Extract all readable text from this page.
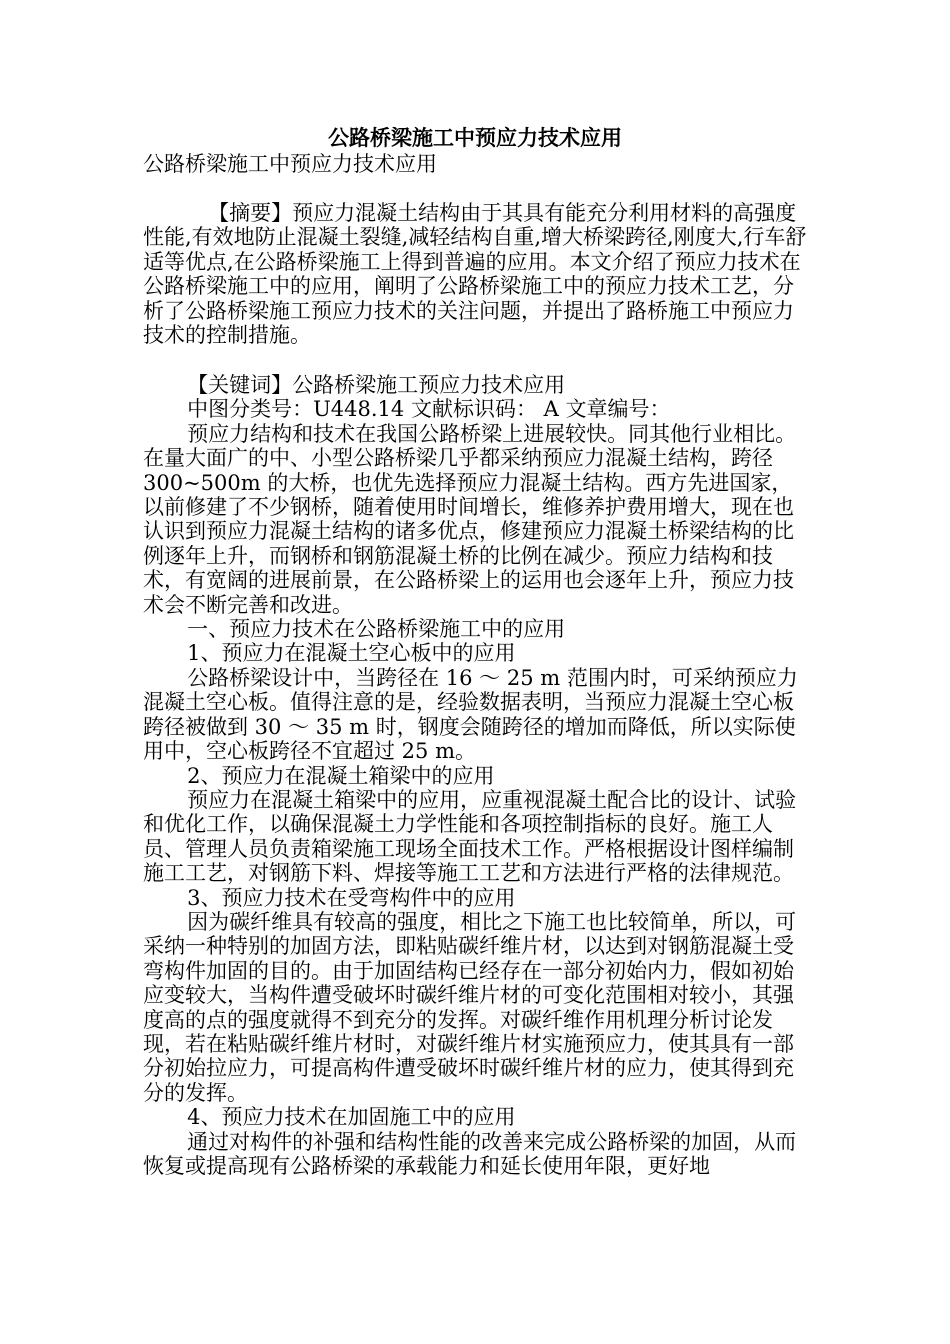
公路桥梁施工中预应力技术应用
公路桥梁施工中预应力技术应用

【摘要】预应力混凝土结构由于其具有能充分利用材料的高强度性能,有效地防止混凝土裂缝,减轻结构自重,增大桥梁跨径,刚度大,行车舒适等优点,在公路桥梁施工上得到普遍的应用。本文介绍了预应力技术在公路桥梁施工中的应用，阐明了公路桥梁施工中的预应力技术工艺，分析了公路桥梁施工预应力技术的关注问题，并提出了路桥施工中预应力技术的控制措施。

【关键词】公路桥梁施工预应力技术应用

中图分类号：U448.14 文献标识码： A 文章编号：

预应力结构和技术在我国公路桥梁上进展较快。同其他行业相比。在量大面广的中、小型公路桥梁几乎都采纳预应力混凝土结构，跨径 300~500m 的大桥，也优先选择预应力混凝土结构。西方先进国家，以前修建了不少钢桥，随着使用时间增长，维修养护费用增大，现在也认识到预应力混凝土结构的诸多优点，修建预应力混凝土桥梁结构的比例逐年上升，而钢桥和钢筋混凝土桥的比例在减少。预应力结构和技术，有宽阔的进展前景，在公路桥梁上的运用也会逐年上升，预应力技术会不断完善和改进。

一、预应力技术在公路桥梁施工中的应用

1、预应力在混凝土空心板中的应用

公路桥梁设计中，当跨径在 16 ～ 25 m 范围内时，可采纳预应力混凝土空心板。值得注意的是，经验数据表明，当预应力混凝土空心板跨径被做到 30 ～ 35 m 时，钢度会随跨径的增加而降低，所以实际使用中，空心板跨径不宜超过 25 m。

2、预应力在混凝土箱梁中的应用

预应力在混凝土箱梁中的应用，应重视混凝土配合比的设计、试验和优化工作，以确保混凝土力学性能和各项控制指标的良好。施工人员、管理人员负责箱梁施工现场全面技术工作。严格根据设计图样编制施工工艺，对钢筋下料、焊接等施工工艺和方法进行严格的法律规范。

3、预应力技术在受弯构件中的应用

因为碳纤维具有较高的强度，相比之下施工也比较简单，所以，可采纳一种特别的加固方法，即粘贴碳纤维片材，以达到对钢筋混凝土受弯构件加固的目的。由于加固结构已经存在一部分初始内力，假如初始应变较大，当构件遭受破坏时碳纤维片材的可变化范围相对较小，其强度高的点的强度就得不到充分的发挥。对碳纤维作用机理分析讨论发现，若在粘贴碳纤维片材时，对碳纤维片材实施预应力，使其具有一部分初始拉应力，可提高构件遭受破坏时碳纤维片材的应力，使其得到充分的发挥。

4、预应力技术在加固施工中的应用

通过对构件的补强和结构性能的改善来完成公路桥梁的加固，从而恢复或提高现有公路桥梁的承载能力和延长使用年限，更好地
